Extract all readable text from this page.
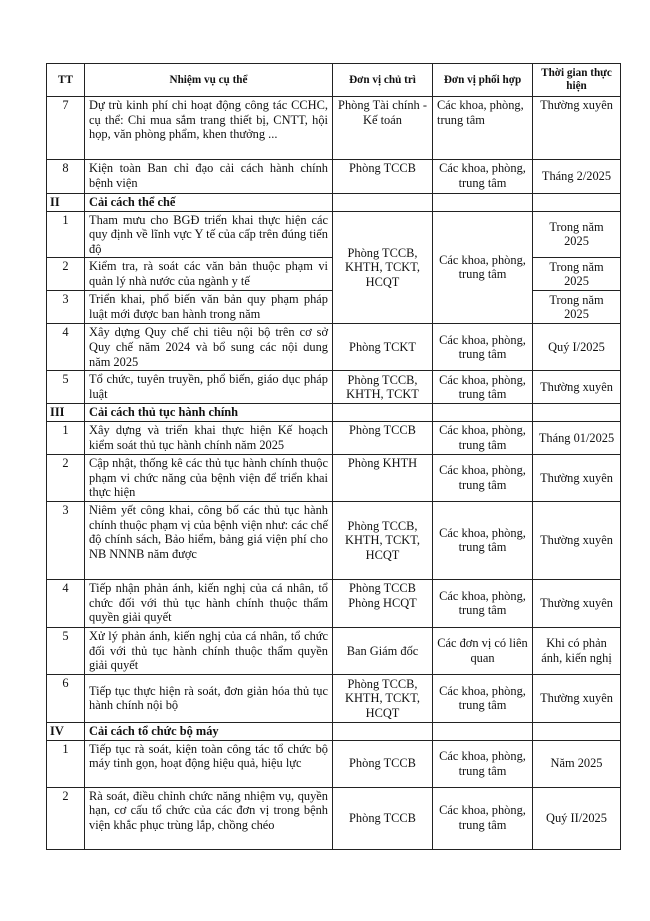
TT	Nhiệm vụ cụ thể	Đơn vị chủ trì	Đơn vị phối hợp	Thời gian thực hiện
7	Dự trù kinh phí chi hoạt động công tác CCHC, cụ thể: Chi mua sắm trang thiết bị, CNTT, hội họp, văn phòng phẩm, khen thưởng ...	Phòng Tài chính - Kế toán	Các khoa, phòng, trung tâm	Thường xuyên
8	Kiện toàn Ban chỉ đạo cải cách hành chính bệnh viện	Phòng TCCB	Các khoa, phòng, trung tâm	Tháng 2/2025
II	Cải cách thể chế			
1	Tham mưu cho BGĐ triển khai thực hiện các quy định về lĩnh vực Y tế của cấp trên đúng tiến độ	Phòng TCCB, KHTH, TCKT, HCQT	Các khoa, phòng, trung tâm	Trong năm 2025
2	Kiểm tra, rà soát các văn bản thuộc phạm vi quản lý nhà nước của ngành y tế			Trong năm 2025
3	Triển khai, phổ biến văn bản quy phạm pháp luật mới được ban hành trong năm			Trong năm 2025
4	Xây dựng Quy chế chi tiêu nội bộ trên cơ sở Quy chế năm 2024 và bổ sung các nội dung năm 2025	Phòng TCKT	Các khoa, phòng, trung tâm	Quý I/2025
5	Tổ chức, tuyên truyền, phổ biến, giáo dục pháp luật	Phòng TCCB, KHTH, TCKT	Các khoa, phòng, trung tâm	Thường xuyên
III	Cải cách thủ tục hành chính			
1	Xây dựng và triển khai thực hiện Kế hoạch kiểm soát thủ tục hành chính năm 2025	Phòng TCCB	Các khoa, phòng, trung tâm	Tháng 01/2025
2	Cập nhật, thống kê các thủ tục hành chính thuộc phạm vi chức năng của bệnh viện để triển khai thực hiện	Phòng KHTH	Các khoa, phòng, trung tâm	Thường xuyên
3	Niêm yết công khai, công bố các thủ tục hành chính thuộc phạm vị của bệnh viện như: các chế độ chính sách, Bảo hiểm, bảng giá viện phí cho NB NNNB năm được	Phòng TCCB, KHTH, TCKT, HCQT	Các khoa, phòng, trung tâm	Thường xuyên
4	Tiếp nhận phản ánh, kiến nghị của cá nhân, tổ chức đối với thủ tục hành chính thuộc thẩm quyền giải quyết	Phòng TCCB Phòng HCQT	Các khoa, phòng, trung tâm	Thường xuyên
5	Xử lý phản ánh, kiến nghị của cá nhân, tổ chức đối với thủ tục hành chính thuộc thẩm quyền giải quyết	Ban Giám đốc	Các đơn vị có liên quan	Khi có phản ánh, kiến nghị
6	Tiếp tục thực hiện rà soát, đơn giản hóa thủ tục hành chính nội bộ	Phòng TCCB, KHTH, TCKT, HCQT	Các khoa, phòng, trung tâm	Thường xuyên
IV	Cải cách tổ chức bộ máy			
1	Tiếp tục rà soát, kiện toàn công tác tổ chức bộ máy tinh gọn, hoạt động hiệu quả, hiệu lực	Phòng TCCB	Các khoa, phòng, trung tâm	Năm 2025
2	Rà soát, điều chỉnh chức năng nhiệm vụ, quyền hạn, cơ cấu tổ chức của các đơn vị trong bệnh viện khắc phục trùng lắp, chồng chéo	Phòng TCCB	Các khoa, phòng, trung tâm	Quý II/2025
